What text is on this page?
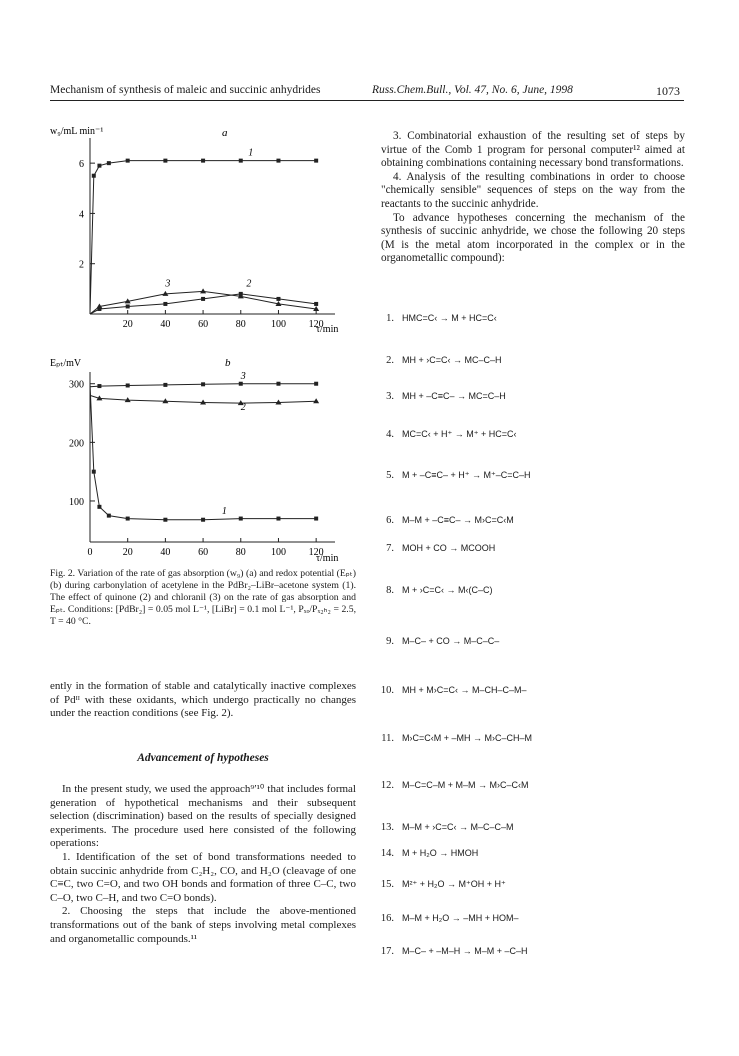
Mechanism of synthesis of maleic and succinic anhydrides	Russ.Chem.Bull., Vol. 47, No. 6, June, 1998	1073
w₉/mL min⁻¹	a
2
4
6
20	40	60	80	100 120
1
3	2
τ/min
Eₚₜ/mV	b
100
200
300
0	20	40	60	80	100 120
3
2
1
τ/min
Fig. 2. Variation of the rate of gas absorption (w₉) (a) and redox potential (Eₚₜ) (b) during carbonylation of acetylene in the PdBr₂–LiBr–acetone system (1). The effect of quinone (2) and chloranil (3) on the rate of gas absorption and Eₚₜ. Conditions: [PdBr₂] = 0.05 mol L⁻¹, [LiBr] = 0.1 mol L⁻¹, Pₓₒ/Pₓ₂ₕ₂ = 2.5, T = 40 °C.

ently in the formation of stable and catalytically inactive complexes of Pdᴵᴵ with these oxidants, which undergo practically no changes under the reaction conditions (see Fig. 2).

Advancement of hypotheses

In the present study, we used the approach⁹ʹ¹⁰ that includes formal generation of hypothetical mechanisms and their subsequent selection (discrimination) based on the results of specially designed experiments. The procedure used here consisted of the following operations:

1. Identification of the set of bond transformations needed to obtain succinic anhydride from C₂H₂, CO, and H₂O (cleavage of one C≡C, two C=O, and two OH bonds and formation of three C–C, two C–O, two C–H, and two C=O bonds).

2. Choosing the steps that include the above-mentioned transformations out of the bank of steps involving metal complexes and organometallic compounds.¹¹

3. Combinatorial exhaustion of the resulting set of steps by virtue of the Comb 1 program for personal computer¹² aimed at obtaining combinations containing necessary bond transformations.

4. Analysis of the resulting combinations in order to choose "chemically sensible" sequences of steps on the way from the reactants to the succinic anhydride.

To advance hypotheses concerning the mechanism of the synthesis of succinic anhydride, we chose the following 20 steps (M is the metal atom incorporated in the complex or in the organometallic compound):

1. HMC=C‹ → M + HC=C‹
2. MH + ›C=C‹ → MC–C–H
3. MH + –C≡C– → MC=C–H
4. MC=C‹ + H⁺ → M⁺ + HC=C‹
5. M + –C≡C– + H⁺ → M⁺–C=C–H
6. M–M + –C≡C– → M›C=C‹M
7. MOH + CO → MCOOH
8. M + ›C=C‹ → M‹(C–C)
9. M–C– + CO → M–C–C–
10. MH + M›C=C‹ → M–CH–C–M–
11. M›C=C‹M + –MH → M›C–CH–M
12. M–C=C–M + M–M → M›C–C‹M
13. M–M + ›C=C‹ → M–C–C–M
14. M + H₂O → HMOH
15. M²⁺ + H₂O → M⁺OH + H⁺
16. M–M + H₂O → –MH + HOM–
17. M–C– + –M–H → M–M + –C–H
